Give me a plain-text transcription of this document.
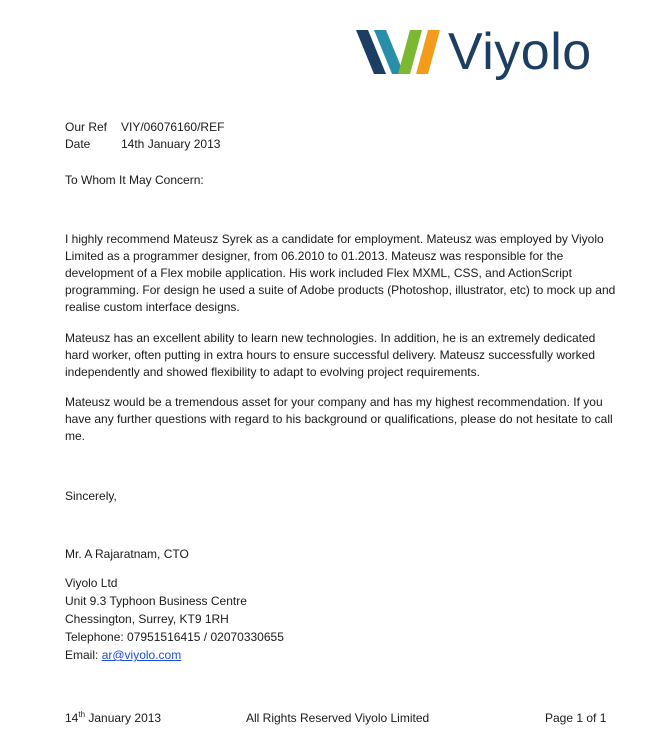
Viyolo
Our Ref VIY/06076160/REF
Date	14th January 2013
To Whom It May Concern:
I highly recommend Mateusz Syrek as a candidate for employment. Mateusz was employed by Viyolo
Limited as a programmer designer, from 06.2010 to 01.2013. Mateusz was responsible for the
development of a Flex mobile application. His work included Flex MXML, CSS, and ActionScript
programming. For design he used a suite of Adobe products (Photoshop, illustrator, etc) to mock up and
realise custom interface designs.
Mateusz has an excellent ability to learn new technologies. In addition, he is an extremely dedicated
hard worker, often putting in extra hours to ensure successful delivery. Mateusz successfully worked
independently and showed flexibility to adapt to evolving project requirements.
Mateusz would be a tremendous asset for your company and has my highest recommendation. If you
have any further questions with regard to his background or qualifications, please do not hesitate to call
me.
Sincerely,
Mr. A Rajaratnam, CTO
Viyolo Ltd
Unit 9.3 Typhoon Business Centre
Chessington, Surrey, KT9 1RH
Telephone: 07951516415 / 02070330655
Email: ar@viyolo.com
14th January 2013	All Rights Reserved Viyolo Limited	Page 1 of 1
